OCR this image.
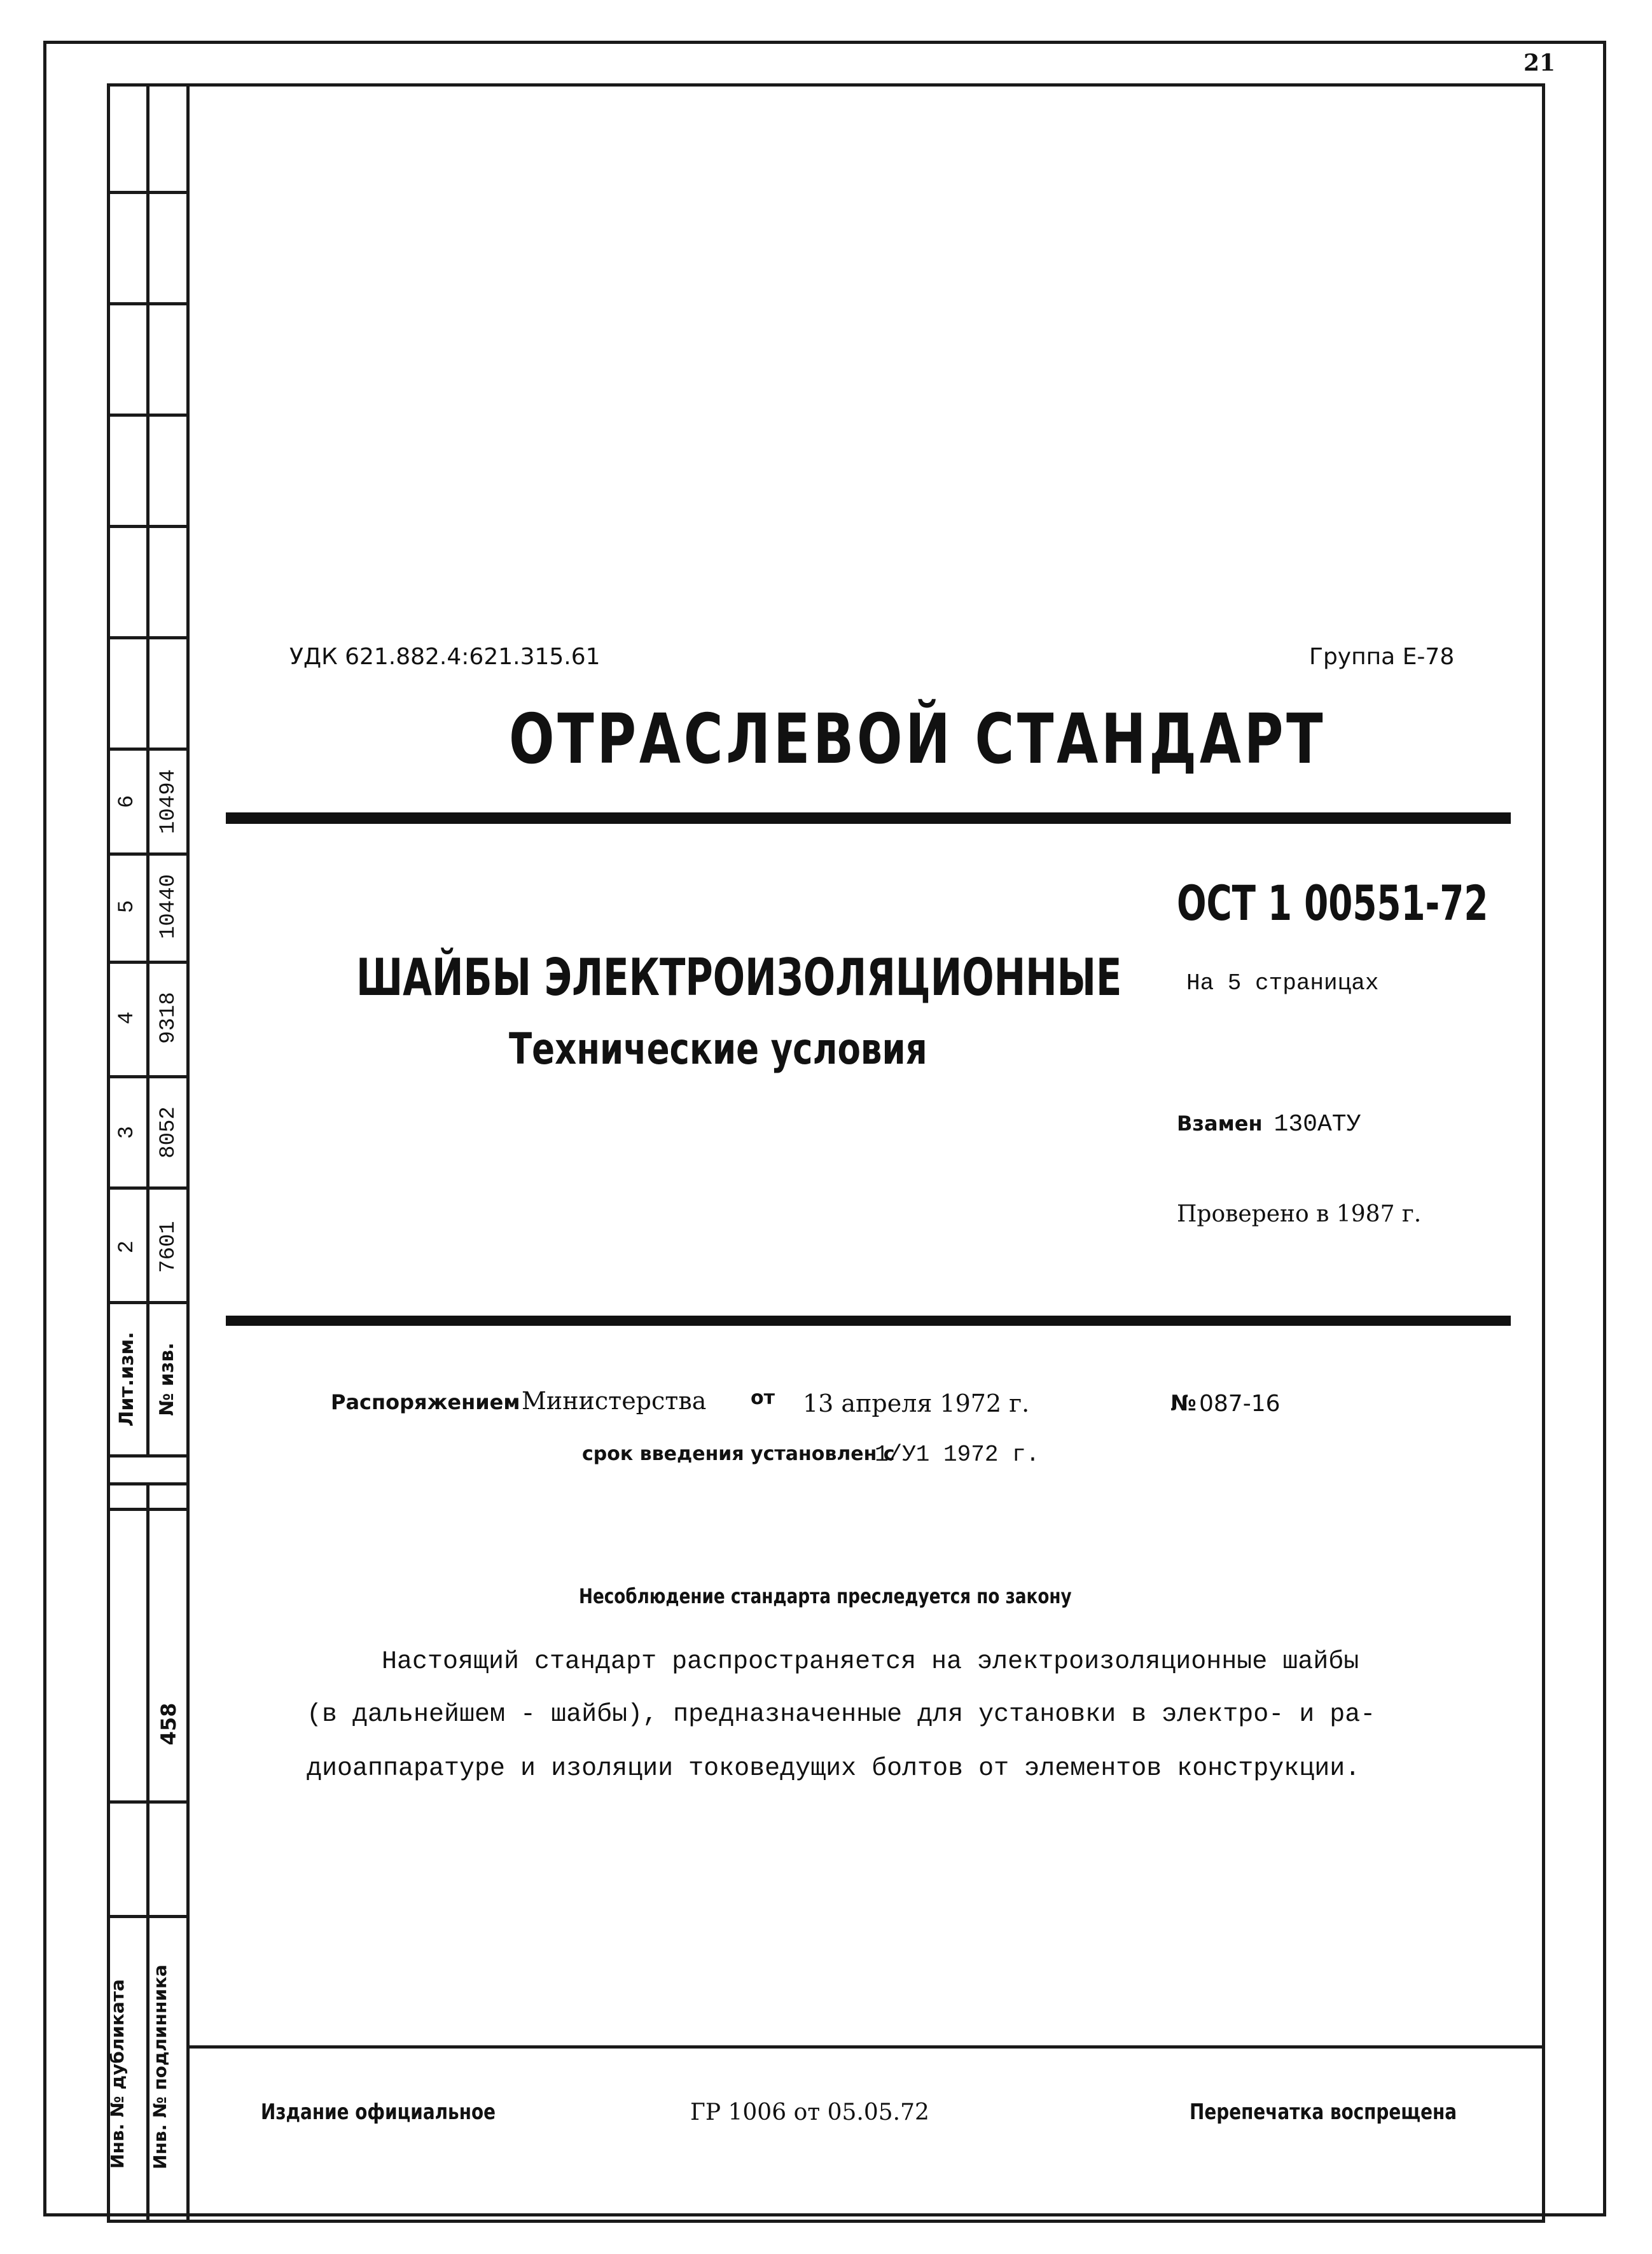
Лит.изм. № изв.
2 7601
3 8052
4 9318
5 10440
6 10494
458
Инв. № дубликата Инв. № подлинника
21
УДК 621.882.4:621.315.61	Группа Е-78
ОТРАСЛЕВОЙ СТАНДАРТ
ОСТ 1 00551-72
На 5 страницах
ШАЙБЫ ЭЛЕКТРОИЗОЛЯЦИОННЫЕ
Технические условия
Взамен 130АТУ
Проверено в 1987 г.
Распоряжением Министерства от 13 апреля 1972 г.	№ 087-16
срок введения установлен с
1/У1 1972 г.
Несоблюдение стандарта преследуется по закону
Настоящий стандарт распространяется на электроизоляционные шайбы
(в дальнейшем - шайбы), предназначенные для установки в электро- и ра-
диоаппаратуре и изоляции токоведущих болтов от элементов конструкции.
Издание официальное	ГР 1006 от 05.05.72	Перепечатка воспрещена
